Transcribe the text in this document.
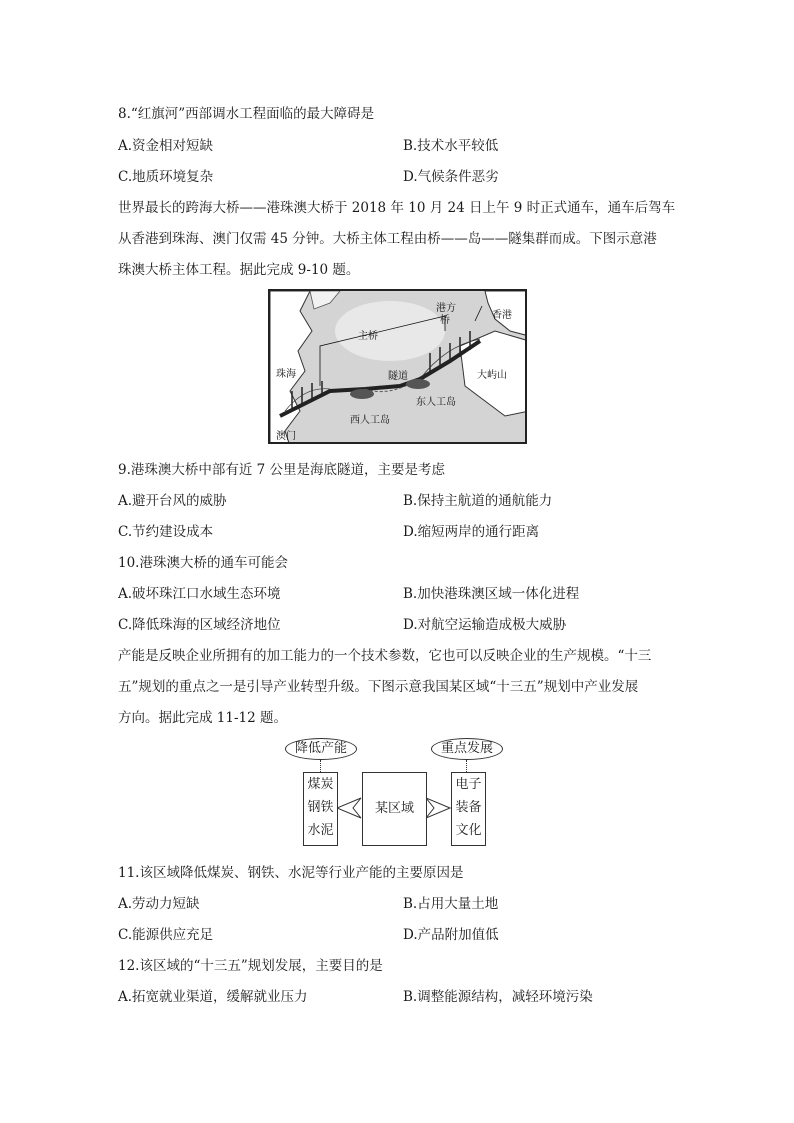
8.“红旗河”西部调水工程面临的最大障碍是
A.资金相对短缺	B.技术水平较低
C.地质环境复杂	D.气候条件恶劣
世界最长的跨海大桥——港珠澳大桥于 2018 年 10 月 24 日上午 9 时正式通车，通车后驾车
从香港到珠海、澳门仅需 45 分钟。大桥主体工程由桥——岛——隧集群而成。下图示意港
珠澳大桥主体工程。据此完成 9-10 题。
珠海
主桥
隧道
西人工岛
东人工岛
大屿山
香港
澳门
港方
桥
9.港珠澳大桥中部有近 7 公里是海底隧道，主要是考虑
A.避开台风的威胁	B.保持主航道的通航能力
C.节约建设成本	D.缩短两岸的通行距离
10.港珠澳大桥的通车可能会
A.破坏珠江口水域生态环境	B.加快港珠澳区域一体化进程
C.降低珠海的区域经济地位	D.对航空运输造成极大威胁
产能是反映企业所拥有的加工能力的一个技术参数，它也可以反映企业的生产规模。“十三
五”规划的重点之一是引导产业转型升级。下图示意我国某区域“十三五”规划中产业发展
方向。据此完成 11-12 题。
降低产能	重点发展
煤炭
钢铁
水泥
某区域
电子
装备
文化
11.该区域降低煤炭、钢铁、水泥等行业产能的主要原因是
A.劳动力短缺	B.占用大量土地
C.能源供应充足	D.产品附加值低
12.该区域的“十三五”规划发展，主要目的是
A.拓宽就业渠道，缓解就业压力	B.调整能源结构，减轻环境污染
